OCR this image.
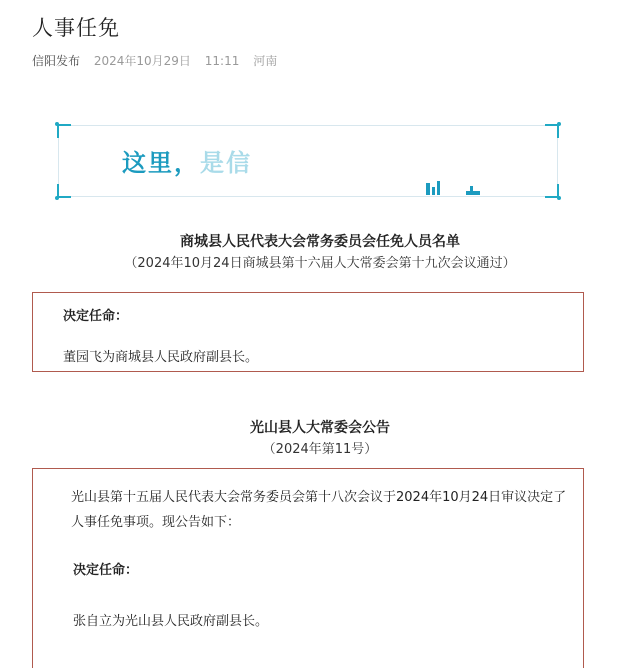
人事任免
信阳发布 2024年10月29日 11:11 河南
这里，是信
商城县人民代表大会常务委员会任免人员名单

（2024年10月24日商城县第十六届人大常委会第十九次会议通过）

决定任命：

董园飞为商城县人民政府副县长。

光山县人大常委会公告

（2024年第11号）

光山县第十五届人民代表大会常务委员会第十八次会议于2024年10月24日审议决定了人事任免事项。现公告如下：

决定任命：

张自立为光山县人民政府副县长。
